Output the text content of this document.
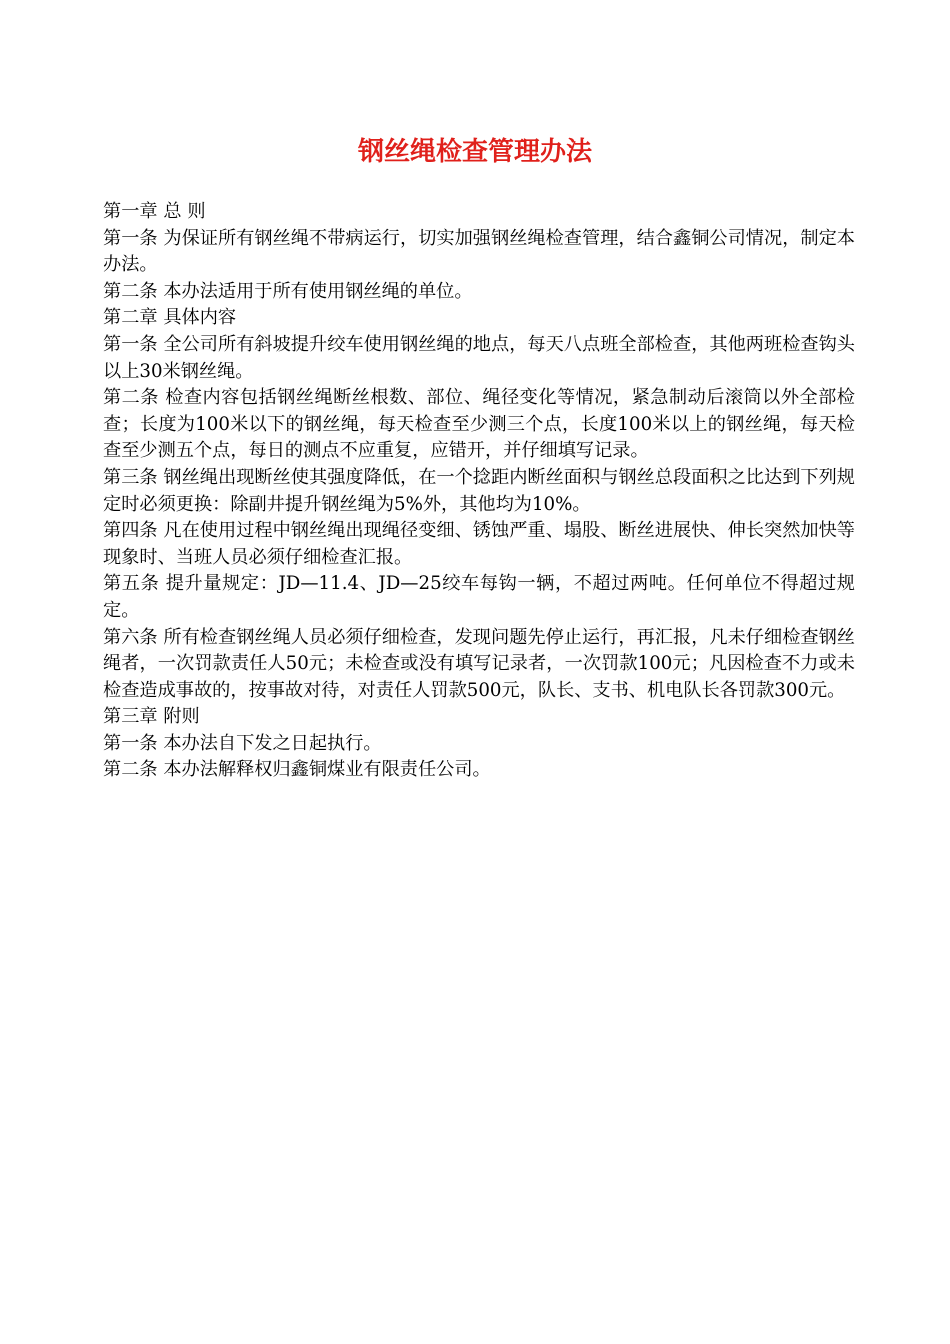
钢丝绳检查管理办法

第一章 总 则

第一条 为保证所有钢丝绳不带病运行，切实加强钢丝绳检查管理，结合鑫铜公司情况，制定本办法。

第二条 本办法适用于所有使用钢丝绳的单位。

第二章 具体内容

第一条 全公司所有斜坡提升绞车使用钢丝绳的地点，每天八点班全部检查，其他两班检查钩头以上30米钢丝绳。

第二条 检查内容包括钢丝绳断丝根数、部位、绳径变化等情况，紧急制动后滚筒以外全部检查；长度为100米以下的钢丝绳，每天检查至少测三个点，长度100米以上的钢丝绳，每天检查至少测五个点，每日的测点不应重复，应错开，并仔细填写记录。

第三条 钢丝绳出现断丝使其强度降低，在一个捻距内断丝面积与钢丝总段面积之比达到下列规定时必须更换：除副井提升钢丝绳为5%外，其他均为10%。

第四条 凡在使用过程中钢丝绳出现绳径变细、锈蚀严重、塌股、断丝进展快、伸长突然加快等现象时、当班人员必须仔细检查汇报。

第五条 提升量规定：JD—11.4、JD—25绞车每钩一辆，不超过两吨。任何单位不得超过规定。

第六条 所有检查钢丝绳人员必须仔细检查，发现问题先停止运行，再汇报，凡未仔细检查钢丝绳者，一次罚款责任人50元；未检查或没有填写记录者，一次罚款100元；凡因检查不力或未检查造成事故的，按事故对待，对责任人罚款500元，队长、支书、机电队长各罚款300元。

第三章 附则

第一条 本办法自下发之日起执行。

第二条 本办法解释权归鑫铜煤业有限责任公司。
